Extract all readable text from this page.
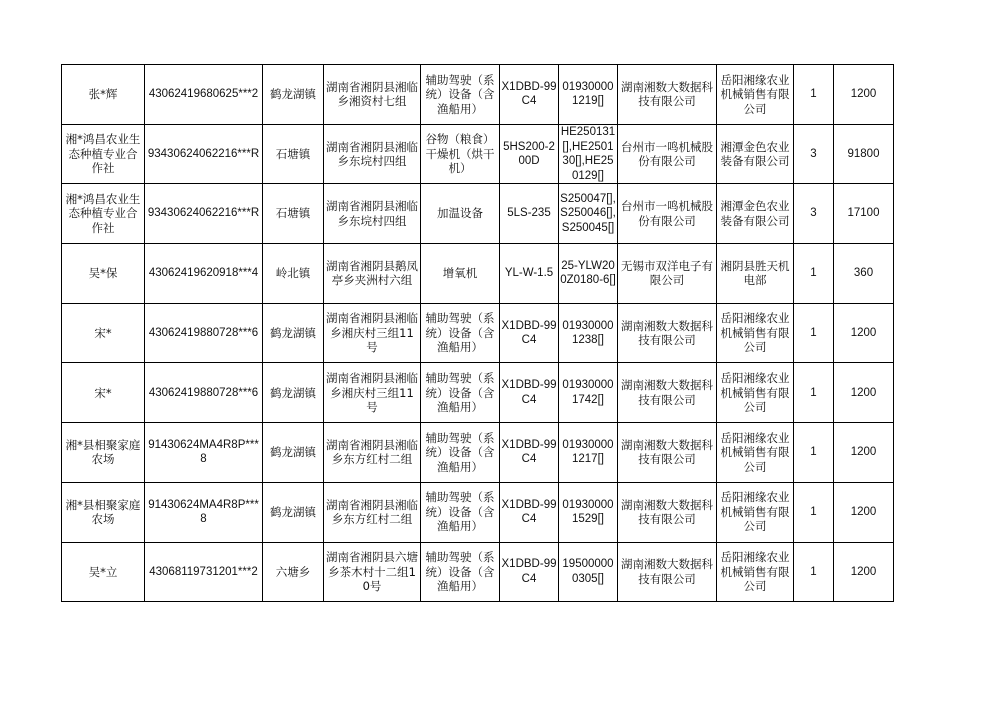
张*辉	43062419680625***2	鹤龙湖镇	湖南省湘阴县湘临乡湘资村七组	辅助驾驶（系统）设备（含渔船用）	X1DBD-99C4	019300001219[]	湖南湘数大数据科技有限公司	岳阳湘缘农业机械销售有限公司	1	1200
湘*鸿昌农业生态种植专业合作社	93430624062216***R	石塘镇	湖南省湘阴县湘临乡东垸村四组	谷物（粮食）干燥机（烘干机）	5HS200-200D	HE250131[],HE250130[],HE250129[]	台州市一鸣机械股份有限公司	湘潭金色农业装备有限公司	3	91800
湘*鸿昌农业生态种植专业合作社	93430624062216***R	石塘镇	湖南省湘阴县湘临乡东垸村四组	加温设备	5LS-235	S250047[],S250046[],S250045[]	台州市一鸣机械股份有限公司	湘潭金色农业装备有限公司	3	17100
吴*保	43062419620918***4	岭北镇	湖南省湘阴县鹅凤亭乡夹洲村六组	增氧机	YL-W-1.5	25-YLW200Z0180-6[]	无锡市双洋电子有限公司	湘阴县胜天机电部	1	360
宋*	43062419880728***6	鹤龙湖镇	湖南省湘阴县湘临乡湘庆村三组11号	辅助驾驶（系统）设备（含渔船用）	X1DBD-99C4	019300001238[]	湖南湘数大数据科技有限公司	岳阳湘缘农业机械销售有限公司	1	1200
宋*	43062419880728***6	鹤龙湖镇	湖南省湘阴县湘临乡湘庆村三组11号	辅助驾驶（系统）设备（含渔船用）	X1DBD-99C4	019300001742[]	湖南湘数大数据科技有限公司	岳阳湘缘农业机械销售有限公司	1	1200
湘*县相聚家庭农场	91430624MA4R8P***8	鹤龙湖镇	湖南省湘阴县湘临乡东方红村二组	辅助驾驶（系统）设备（含渔船用）	X1DBD-99C4	019300001217[]	湖南湘数大数据科技有限公司	岳阳湘缘农业机械销售有限公司	1	1200
湘*县相聚家庭农场	91430624MA4R8P***8	鹤龙湖镇	湖南省湘阴县湘临乡东方红村二组	辅助驾驶（系统）设备（含渔船用）	X1DBD-99C4	019300001529[]	湖南湘数大数据科技有限公司	岳阳湘缘农业机械销售有限公司	1	1200
吴*立	43068119731201***2	六塘乡	湖南省湘阴县六塘乡茶木村十二组10号	辅助驾驶（系统）设备（含渔船用）	X1DBD-99C4	195000000305[]	湖南湘数大数据科技有限公司	岳阳湘缘农业机械销售有限公司	1	1200
